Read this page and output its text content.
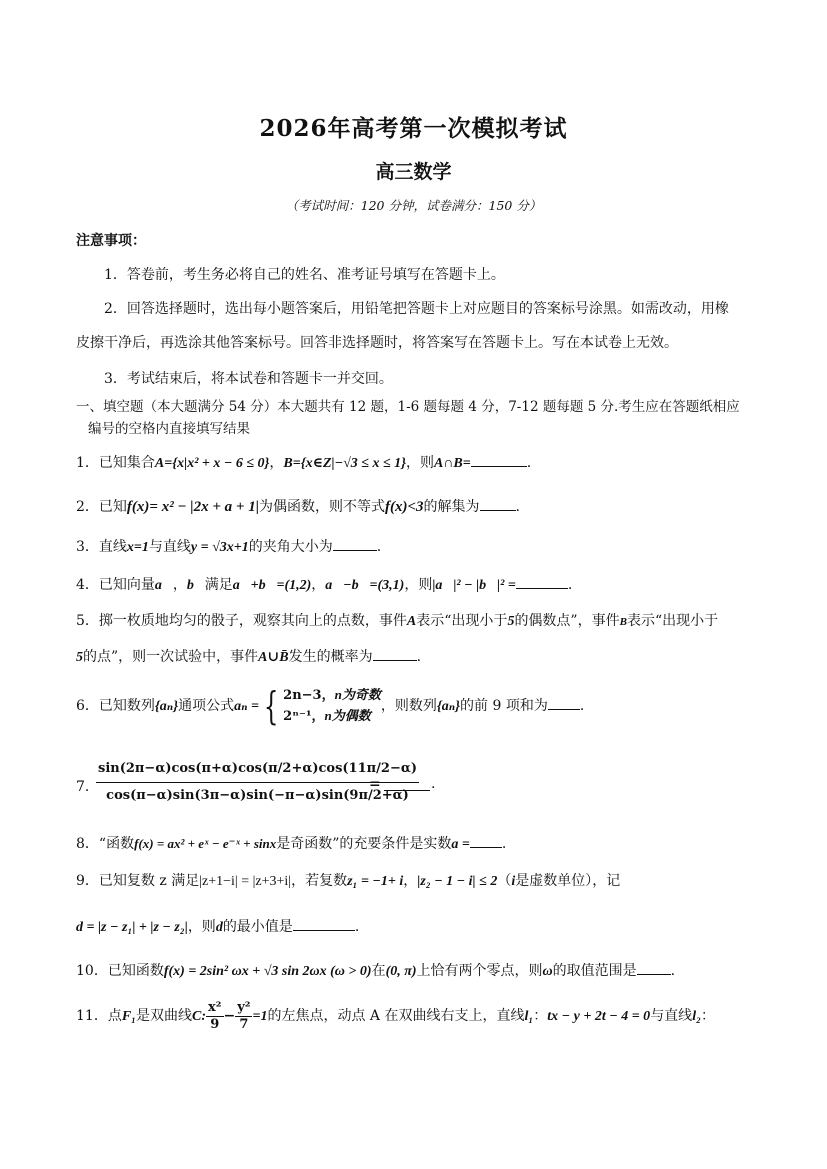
2026年高考第一次模拟考试
高三数学
（考试时间：120 分钟，试卷满分：150 分）
注意事项：
1．答卷前，考生务必将自己的姓名、准考证号填写在答题卡上。
2．回答选择题时，选出每小题答案后，用铅笔把答题卡上对应题目的答案标号涂黑。如需改动，用橡
皮擦干净后，再选涂其他答案标号。回答非选择题时，将答案写在答题卡上。写在本试卷上无效。
3．考试结束后，将本试卷和答题卡一并交回。
一、填空题（本大题满分 54 分）本大题共有 12 题，1-6 题每题 4 分，7-12 题每题 5 分.考生应在答题纸相应
编号的空格内直接填写结果
1．已知集合A={x|x² + x − 6 ≤ 0}，B={x∈Z|−√3 ≤ x ≤ 1}，则A∩B=	.
2．已知f(x)= x² − |2x + a + 1|为偶函数，则不等式f(x)<3的解集为	.
3．直线x=1与直线y = √3x+1的夹角大小为	.
4．已知向量a⃗，b⃗满足a⃗+b⃗=(1,2)，a⃗−b⃗=(3,1)，则|a⃗|² − |b⃗|² =	.
5．掷一枚质地均匀的骰子，观察其向上的点数，事件A表示“出现小于5的偶数点”，事件B表示“出现小于
5的点”，则一次试验中，事件A∪B̄发生的概率为	.
6．已知数列{aₙ}通项公式aₙ = { 2n−3，n为奇数
2ⁿ⁻¹，n为偶数
，则数列{aₙ}的前 9 项和为 .
7．
$\frac{\sin(2\pi-\alpha)\cos(\pi+\alpha)\cos(\pi/2+\alpha)\cos(11\pi/2-\alpha)}{\cos(\pi-\alpha)\sin(3\pi-\alpha)\sin(-\pi-\alpha)\sin(9\pi/2+\alpha)}$
=	.
8．“函数f(x) = ax² + eˣ − e⁻ˣ + sinx是奇函数”的充要条件是实数a = .
9．已知复数 z 满足|z+1−i| = |z+3+i|，若复数z₁ = −1+ i，|z₂ − 1 − i| ≤ 2（i是虚数单位），记
d = |z − z₁| + |z − z₂|，则d的最小值是	.
10．已知函数f(x) = 2sin² ωx + √3 sin 2ωx (ω > 0)在(0, π)上恰有两个零点，则ω的取值范围是 .
11．点F₁是双曲线C: $\frac{\text{x²}}{9} - \frac{\text{y²}}{7} =1$的左焦点，动点 A 在双曲线右支上，直线l₁：tx − y + 2t − 4 = 0与直线l₂：
